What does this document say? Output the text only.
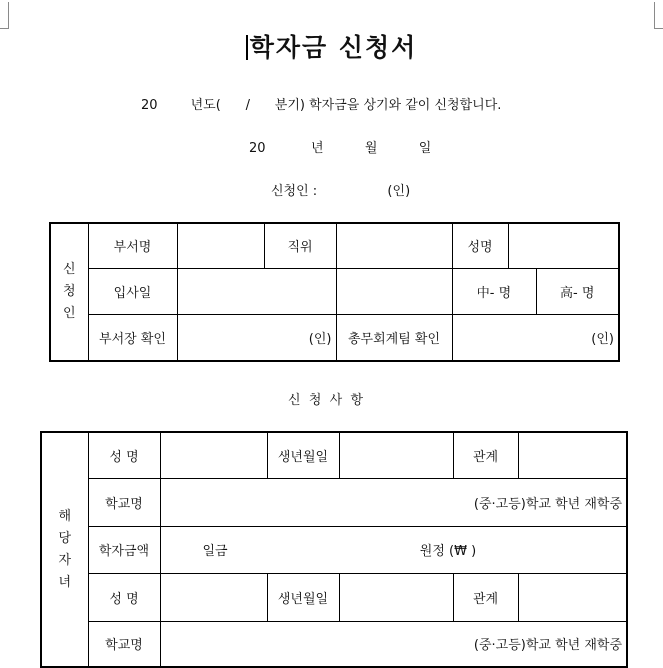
학자금 신청서
20        년도(      /      분기) 학자금을 상기와 같이 신청합니다.
20           년          월          일
신청인 :                 (인)
신
청
인	부서명		직위		성명		
	입사일				中- 명		高- 명
	부서장 확인	(인)		총무회계팀 확인	(인)		
신  청  사  항
해
당
자
녀	성 명		생년월일		관계	
	학교명	(중·고등)학교 학년 재학중				
	학자금액	일금 원정 (₩ )				
	성 명		생년월일		관계	
	학교명	(중·고등)학교 학년 재학중				
